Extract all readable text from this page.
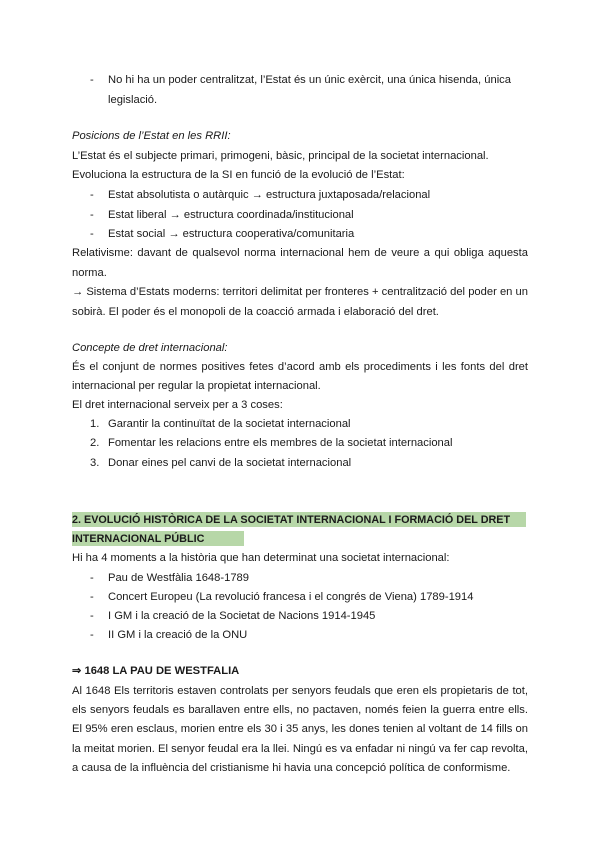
- No hi ha un poder centralitzat, l’Estat és un únic exèrcit, una única hisenda, única
legislació.
Posicions de l’Estat en les RRII:
L’Estat és el subjecte primari, primogeni, bàsic, principal de la societat internacional.
Evoluciona la estructura de la SI en funció de la evolució de l’Estat:
- Estat absolutista o autàrquic → estructura juxtaposada/relacional
- Estat liberal → estructura coordinada/institucional
- Estat social → estructura cooperativa/comunitaria
Relativisme: davant de qualsevol norma internacional hem de veure a qui obliga aquesta
norma.
→ Sistema d’Estats moderns: territori delimitat per fronteres + centralització del poder en un
sobirà. El poder és el monopoli de la coacció armada i elaboració del dret.
Concepte de dret internacional:
És el conjunt de normes positives fetes d’acord amb els procediments i les fonts del dret
internacional per regular la propietat internacional.
El dret internacional serveix per a 3 coses:
1. Garantir la continuïtat de la societat internacional
2. Fomentar les relacions entre els membres de la societat internacional
3. Donar eines pel canvi de la societat internacional
2. EVOLUCIÓ HISTÒRICA DE LA SOCIETAT INTERNACIONAL I FORMACIÓ DEL DRET
INTERNACIONAL PÚBLIC
Hi ha 4 moments a la història que han determinat una societat internacional:
- Pau de Westfàlia 1648-1789
- Concert Europeu (La revolució francesa i el congrés de Viena) 1789-1914
- I GM i la creació de la Societat de Nacions 1914-1945
- II GM i la creació de la ONU
⇒ 1648 LA PAU DE WESTFALIA
Al 1648 Els territoris estaven controlats per senyors feudals que eren els propietaris de tot,
els senyors feudals es barallaven entre ells, no pactaven, només feien la guerra entre ells.
El 95% eren esclaus, morien entre els 30 i 35 anys, les dones tenien al voltant de 14 fills on
la meitat morien. El senyor feudal era la llei. Ningú es va enfadar ni ningú va fer cap revolta,
a causa de la influència del cristianisme hi havia una concepció política de conformisme.
